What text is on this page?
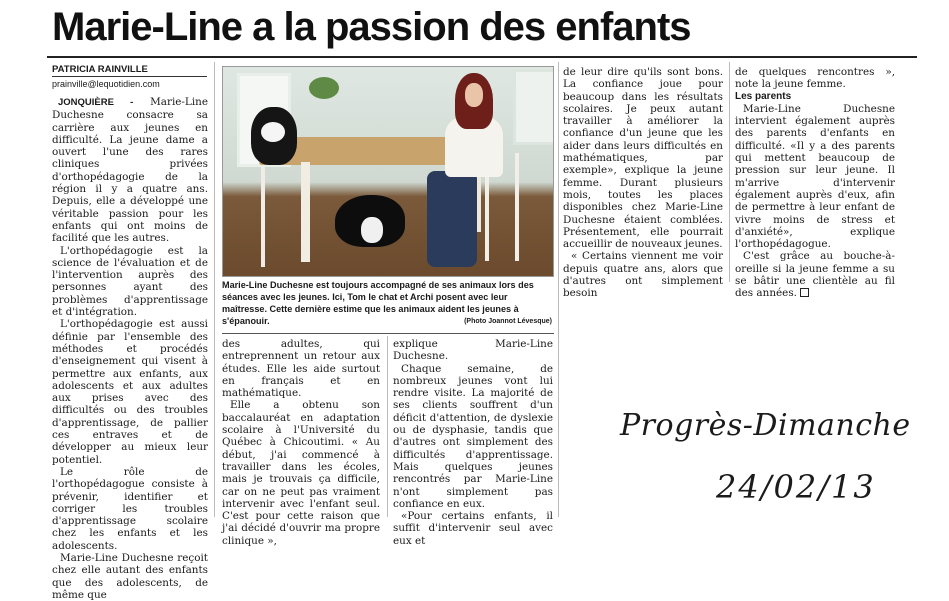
Marie-Line a la passion des enfants
PATRICIA RAINVILLE
prainville@lequotidien.com

JONQUIÈRE - Marie-Line Duchesne consacre sa carrière aux jeunes en difficulté. La jeune dame a ouvert l'une des rares cliniques privées d'orthopédagogie de la région il y a quatre ans. Depuis, elle a développé une véritable passion pour les enfants qui ont moins de facilité que les autres.

L'orthopédagogie est la science de l'évaluation et de l'intervention auprès des personnes ayant des problèmes d'apprentissage et d'intégration.

L'orthopédagogie est aussi définie par l'ensemble des méthodes et procédés d'enseignement qui visent à permettre aux enfants, aux adolescents et aux adultes aux prises avec des difficultés ou des troubles d'apprentissage, de pallier ces entraves et de développer au mieux leur potentiel.

Le rôle de l'orthopédagogue consiste à prévenir, identifier et corriger les troubles d'apprentissage scolaire chez les enfants et les adolescents.

Marie-Line Duchesne reçoit chez elle autant des enfants que des adolescents, de même que

Marie-Line Duchesne est toujours accompagné de ses animaux lors des séances avec les jeunes. Ici, Tom le chat et Archi posent avec leur maîtresse. Cette dernière estime que les animaux aident les jeunes à s'épanouir.	(Photo Joannot Lévesque)

des adultes, qui entreprennent un retour aux études. Elle les aide surtout en français et en mathématique.

Elle a obtenu son baccalauréat en adaptation scolaire à l'Université du Québec à Chicoutimi. « Au début, j'ai commencé à travailler dans les écoles, mais je trouvais ça difficile, car on ne peut pas vraiment intervenir avec l'enfant seul. C'est pour cette raison que j'ai décidé d'ouvrir ma propre clinique »,

explique Marie-Line Duchesne.

Chaque semaine, de nombreux jeunes vont lui rendre visite. La majorité de ses clients souffrent d'un déficit d'attention, de dyslexie ou de dysphasie, tandis que d'autres ont simplement des difficultés d'apprentissage. Mais quelques jeunes rencontrés par Marie-Line n'ont simplement pas confiance en eux.

«Pour certains enfants, il suffit d'intervenir seul avec eux et

de leur dire qu'ils sont bons. La confiance joue pour beaucoup dans les résultats scolaires. Je peux autant travailler à améliorer la confiance d'un jeune que les aider dans leurs difficultés en mathématiques, par exemple», explique la jeune femme. Durant plusieurs mois, toutes les places disponibles chez Marie-Line Duchesne étaient comblées. Présentement, elle pourrait accueillir de nouveaux jeunes.

« Certains viennent me voir depuis quatre ans, alors que d'autres ont simplement besoin

de quelques rencontres », note la jeune femme.

Les parents

Marie-Line Duchesne intervient également auprès des parents d'enfants en difficulté. «Il y a des parents qui mettent beaucoup de pression sur leur jeune. Il m'arrive d'intervenir également auprès d'eux, afin de permettre à leur enfant de vivre moins de stress et d'anxiété», explique l'orthopédagogue.

C'est grâce au bouche-à-oreille si la jeune femme a su se bâtir une clientèle au fil des années.

Progrès-Dimanche
24/02/13
